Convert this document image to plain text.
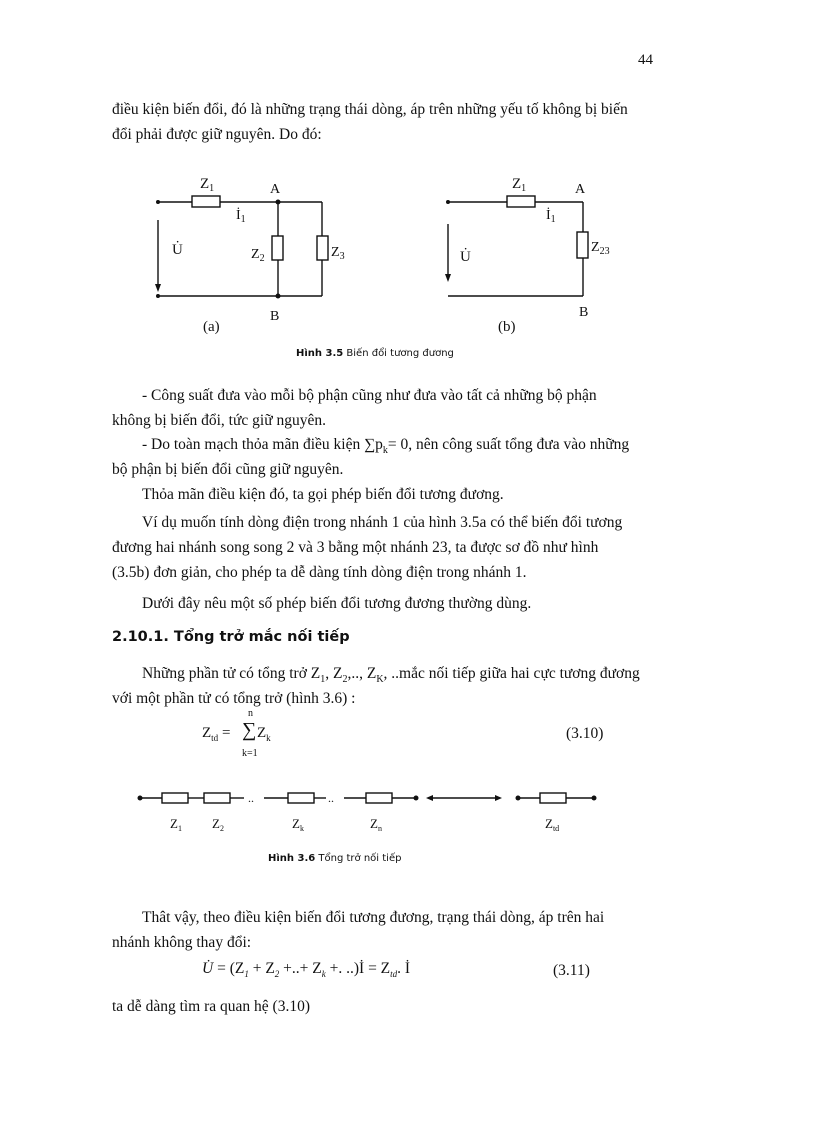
44
điều kiện biến đổi, đó là những trạng thái dòng, áp trên những yếu tố không bị biến
đổi phải được giữ nguyên. Do đó:
$Z_1$	A
$İ_1$
U̇	$Z_2$	$Z_3$
B
(a)
$Z_1$	A
$İ_1$
U̇
$Z_{23}$
B
(b)
Hình 3.5 Biến đổi tương đương
- Công suất đưa vào mỗi bộ phận cũng như đưa vào tất cả những bộ phận
không bị biến đổi, tức giữ nguyên.
- Do toàn mạch thỏa mãn điều kiện $\sum p_k= 0$, nên công suất tổng đưa vào những
bộ phận bị biến đổi cũng giữ nguyên.
Thỏa mãn điều kiện đó, ta gọi phép biến đổi tương đương.
Ví dụ muốn tính dòng điện trong nhánh 1 của hình 3.5a có thể biến đổi tương
đương hai nhánh song song 2 và 3 bằng một nhánh 23, ta được sơ đồ như hình
(3.5b) đơn giản, cho phép ta dễ dàng tính dòng điện trong nhánh 1.
Dưới đây nêu một số phép biến đổi tương đương thường dùng.
2.10.1. Tổng trở mắc nối tiếp
Những phần tử có tổng trở $Z_1$, $Z_2$,.., $Z_K$, ..mắc nối tiếp giữa hai cực tương đương
với một phần tử có tổng trở (hình 3.6) :
$Z_{td}$ =
n
∑ $Z_k$
k=1
(3.10)
..	..
$Z_1$ $Z_2$	$Z_k$	$Z_n$	$Z_{td}$
Hình 3.6 Tổng trở nối tiếp
Thât vậy, theo điều kiện biến đổi tương đương, trạng thái dòng, áp trên hai
nhánh không thay đổi:
U̇ = ($Z_1 + Z_2$ +..+ $Z_k$ +. ..)İ = $Z_{td}$. İ	(3.11)
ta dễ dàng tìm ra quan hệ (3.10)
